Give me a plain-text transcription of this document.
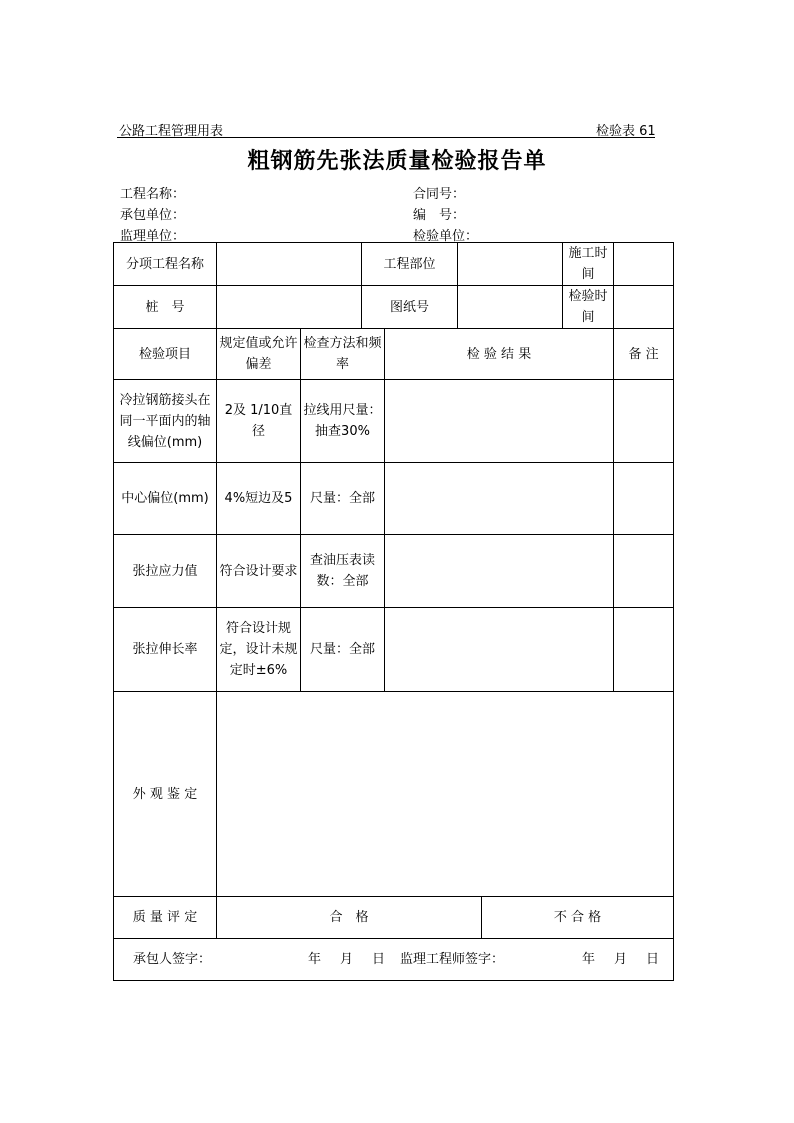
公路工程管理用表	检验表 61
粗钢筋先张法质量检验报告单
工程名称：	合同号：
承包单位：	编　号：
监理单位：	检验单位：
分项工程名称			工程部位				施工时间	
桩　号			图纸号				检验时间	
检验项目	规定值或允许偏差	检查方法和频率		检 验 结 果				备 注
冷拉钢筋接头在同一平面内的轴线偏位(mm)	2及 1/10直径	拉线用尺量：抽查30%						
中心偏位(mm)	4%短边及5	尺量：全部						
张拉应力值	符合设计要求	查油压表读数：全部						
张拉伸长率	符合设计规定，设计未规定时±6%	尺量：全部						
外 观 鉴 定								
质 量 评 定	合　格					不 合 格		

承包人签字： 年　月　日 监理工程师签字： 年　月　日								
